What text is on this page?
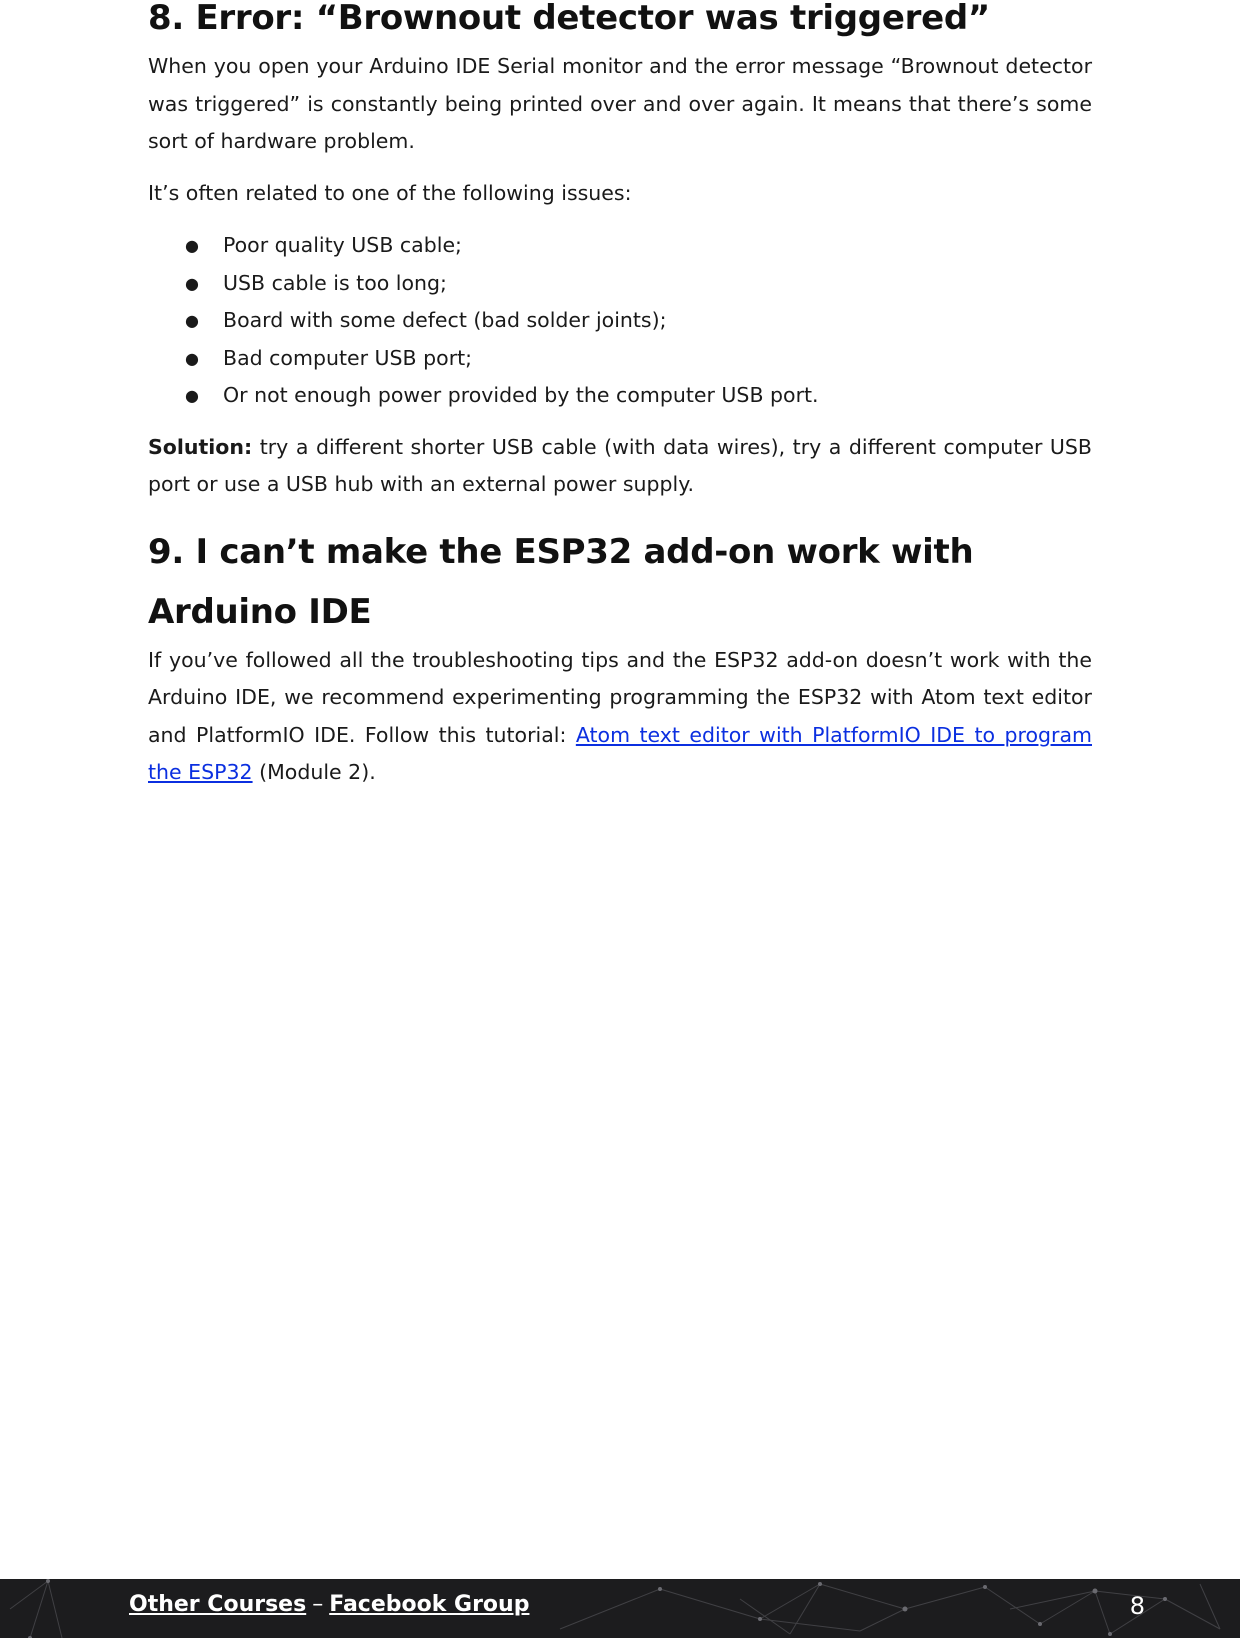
8. Error: “Brownout detector was triggered”

When you open your Arduino IDE Serial monitor and the error message “Brownout detector was triggered” is constantly being printed over and over again. It means that there’s some sort of hardware problem.

It’s often related to one of the following issues:

● Poor quality USB cable;
● USB cable is too long;
● Board with some defect (bad solder joints);
● Bad computer USB port;
● Or not enough power provided by the computer USB port.

Solution: try a different shorter USB cable (with data wires), try a different computer USB port or use a USB hub with an external power supply.

9. I can’t make the ESP32 add-on work with Arduino IDE

If you’ve followed all the troubleshooting tips and the ESP32 add-on doesn’t work with the Arduino IDE, we recommend experimenting programming the ESP32 with Atom text editor and PlatformIO IDE. Follow this tutorial: Atom text editor with PlatformIO IDE to program the ESP32 (Module 2).

Other Courses – Facebook Group	8
